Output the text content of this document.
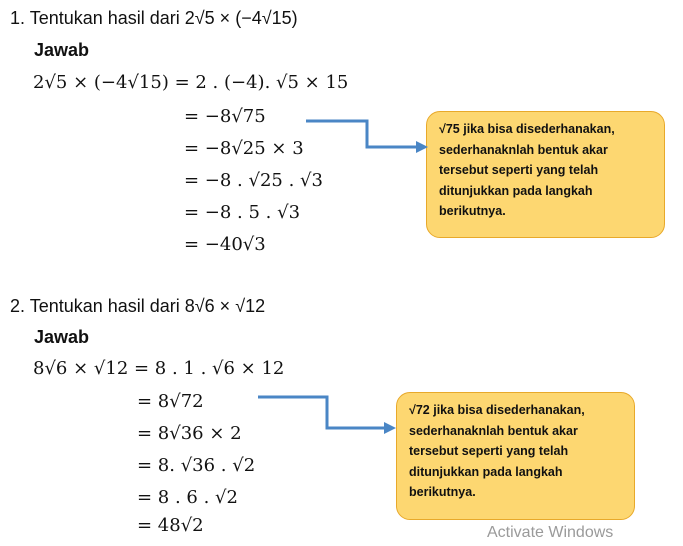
1. Tentukan hasil dari 2√5 × (−4√15)
Jawab
2√5 × (−4√15) = 2 . (−4). √5 × 15
= −8√75
= −8√25 × 3
= −8 . √25 . √3
= −8 . 5 . √3
= −40√3
√75 jika bisa disederhanakan,
sederhanaknlah bentuk akar
tersebut seperti yang telah
ditunjukkan pada langkah
berikutnya.
2. Tentukan hasil dari 8√6 × √12
Jawab
8√6 × √12 = 8 . 1 . √6 × 12
= 8√72
= 8√36 × 2
= 8. √36 . √2
= 8 . 6 . √2
= 48√2
√72 jika bisa disederhanakan,
sederhanaknlah bentuk akar
tersebut seperti yang telah
ditunjukkan pada langkah
berikutnya.
Activate Windows
